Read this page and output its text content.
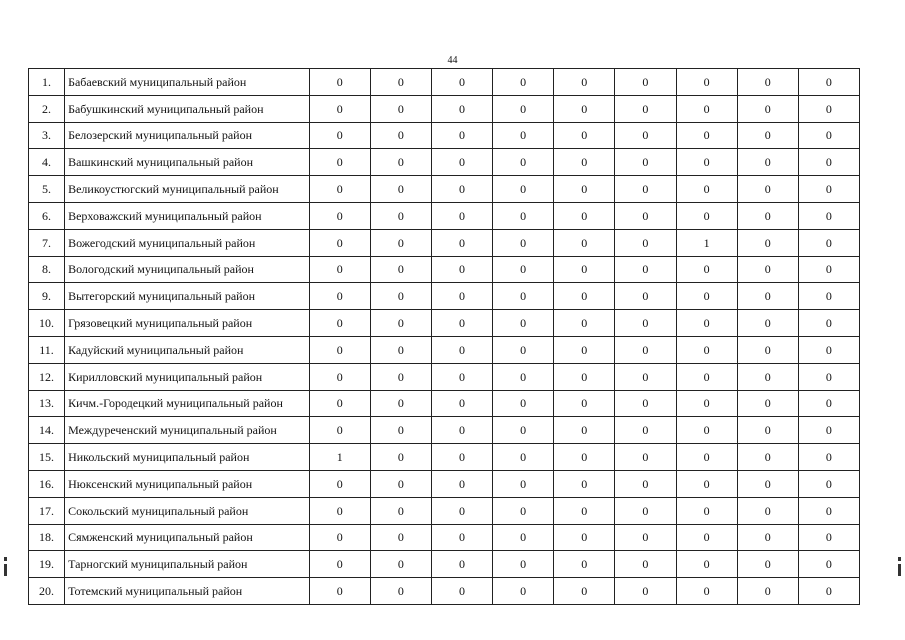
44
1.	Бабаевский муниципальный район	0	0	0	0	0	0	0	0	0
2.	Бабушкинский муниципальный район	0	0	0	0	0	0	0	0	0
3.	Белозерский муниципальный район	0	0	0	0	0	0	0	0	0
4.	Вашкинский муниципальный район	0	0	0	0	0	0	0	0	0
5.	Великоустюгский муниципальный район	0	0	0	0	0	0	0	0	0
6.	Верховажский муниципальный район	0	0	0	0	0	0	0	0	0
7.	Вожегодский муниципальный район	0	0	0	0	0	0	1	0	0
8.	Вологодский муниципальный район	0	0	0	0	0	0	0	0	0
9.	Вытегорский муниципальный район	0	0	0	0	0	0	0	0	0
10.	Грязовецкий муниципальный район	0	0	0	0	0	0	0	0	0
11.	Кадуйский муниципальный район	0	0	0	0	0	0	0	0	0
12.	Кирилловский муниципальный район	0	0	0	0	0	0	0	0	0
13.	Кичм.-Городецкий муниципальный район	0	0	0	0	0	0	0	0	0
14.	Междуреченский муниципальный район	0	0	0	0	0	0	0	0	0
15.	Никольский муниципальный район	1	0	0	0	0	0	0	0	0
16.	Нюксенский муниципальный район	0	0	0	0	0	0	0	0	0
17.	Сокольский муниципальный район	0	0	0	0	0	0	0	0	0
18.	Сямженский муниципальный район	0	0	0	0	0	0	0	0	0
19.	Тарногский муниципальный район	0	0	0	0	0	0	0	0	0
20.	Тотемский муниципальный район	0	0	0	0	0	0	0	0	0
